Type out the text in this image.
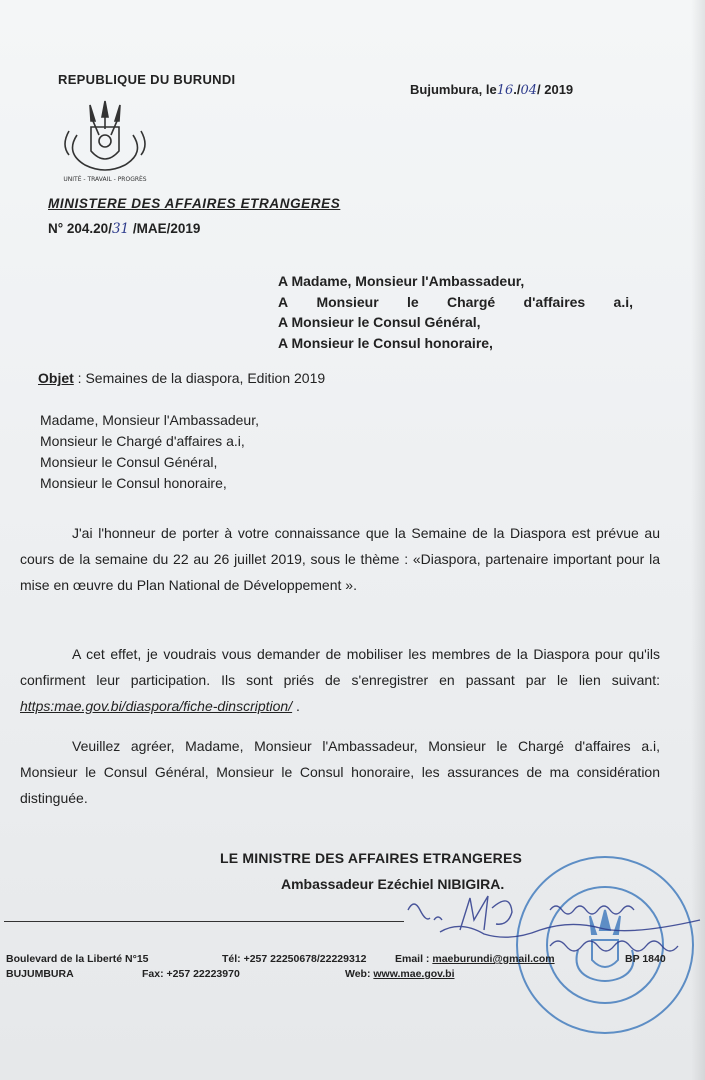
REPUBLIQUE DU BURUNDI
Bujumbura, le16./04/ 2019
UNITÉ - TRAVAIL - PROGRÈS
MINISTERE DES AFFAIRES ETRANGERES
N° 204.20/31 /MAE/2019
A Madame, Monsieur l'Ambassadeur,
A Monsieur le Chargé d'affaires a.i,
A Monsieur le Consul Général,
A Monsieur le Consul honoraire,
Objet : Semaines de la diaspora, Edition 2019
Madame, Monsieur l'Ambassadeur,
Monsieur le Chargé d'affaires a.i,
Monsieur le Consul Général,
Monsieur le Consul honoraire,
J'ai l'honneur de porter à votre connaissance que la Semaine de la Diaspora est prévue au cours de la semaine du 22 au 26 juillet 2019, sous le thème : «Diaspora, partenaire important pour la mise en œuvre du Plan National de Développement ».
A cet effet, je voudrais vous demander de mobiliser les membres de la Diaspora pour qu'ils confirment leur participation. Ils sont priés de s'enregistrer en passant par le lien suivant: https:mae.gov.bi/diaspora/fiche-dinscription/ .
Veuillez agréer, Madame, Monsieur l'Ambassadeur, Monsieur le Chargé d'affaires a.i, Monsieur le Consul Général, Monsieur le Consul honoraire, les assurances de ma considération distinguée.
LE MINISTRE DES AFFAIRES ETRANGERES
Ambassadeur Ezéchiel NIBIGIRA.
Boulevard de la Liberté N°15
BUJUMBURA
Tél: +257 22250678/22229312
Fax: +257 22223970
Email : maeburundi@gmail.com
Web: www.mae.gov.bi
BP 1840
